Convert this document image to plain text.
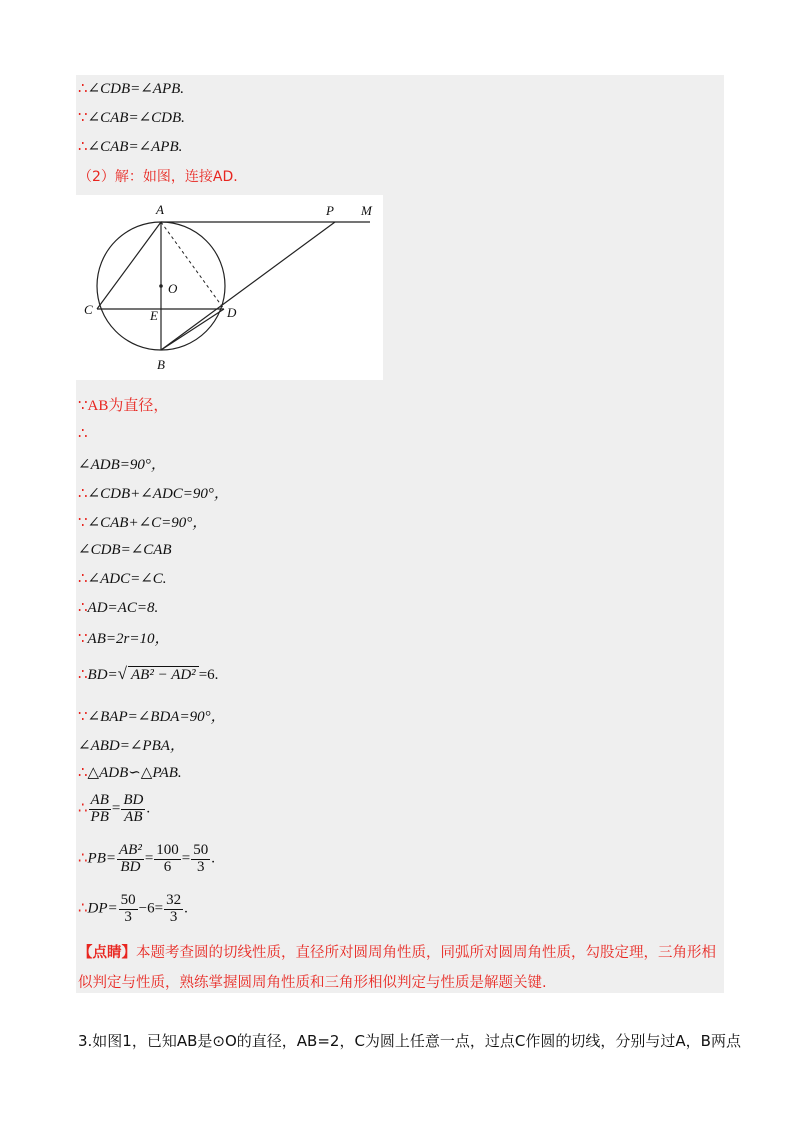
∴∠CDB=∠APB.
∵∠CAB=∠CDB.
∴∠CAB=∠APB.
（2）解：如图，连接AD.
A	P M
O
C	E	D
B
∵AB为直径，
∴
∠ADB=90°，
∴∠CDB+∠ADC=90°，
∵∠CAB+∠C=90°，
∠CDB=∠CAB
∴∠ADC=∠C.
∴AD=AC=8.
∵AB=2r=10，
∴BD=√ AB² − AD² =6.
∵∠BAP=∠BDA=90°，
∠ABD=∠PBA，
∴△ADB∽△PAB.
∴ $\frac{AB}{PB} = \frac{BD}{AB}$ .
∴PB= $\frac{\text{AB²}}{BD} = \frac{100}{6} = \frac{50}{3}$ .
∴DP= $\frac{50}{3} -6= \frac{32}{3}$ .
【点睛】本题考查圆的切线性质，直径所对圆周角性质，同弧所对圆周角性质，勾股定理，三角形相似判定与性质，熟练掌握圆周角性质和三角形相似判定与性质是解题关键.
3.如图1，已知AB是⊙O的直径，AB=2，C为圆上任意一点，过点C作圆的切线，分别与过A，B两点
